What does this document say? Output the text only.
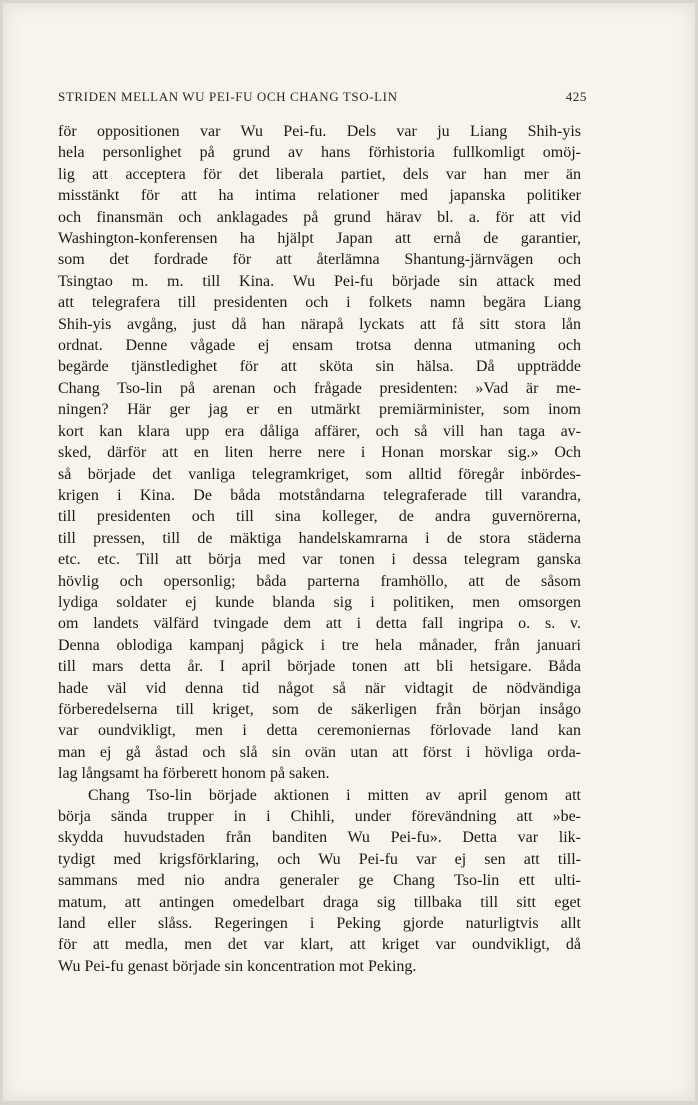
STRIDEN MELLAN WU PEI-FU OCH CHANG TSO-LIN	425
för oppositionen var Wu Pei-fu. Dels var ju Liang Shih-yis
hela personlighet på grund av hans förhistoria fullkomligt omöj-
lig att acceptera för det liberala partiet, dels var han mer än
misstänkt för att ha intima relationer med japanska politiker
och finansmän och anklagades på grund härav bl. a. för att vid
Washington-konferensen ha hjälpt Japan att ernå de garantier,
som det fordrade för att återlämna Shantung-järnvägen och
Tsingtao m. m. till Kina. Wu Pei-fu började sin attack med
att telegrafera till presidenten och i folkets namn begära Liang
Shih-yis avgång, just då han närapå lyckats att få sitt stora lån
ordnat. Denne vågade ej ensam trotsa denna utmaning och
begärde tjänstledighet för att sköta sin hälsa. Då uppträdde
Chang Tso-lin på arenan och frågade presidenten: »Vad är me-
ningen? Här ger jag er en utmärkt premiärminister, som inom
kort kan klara upp era dåliga affärer, och så vill han taga av-
sked, därför att en liten herre nere i Honan morskar sig.» Och
så började det vanliga telegramkriget, som alltid föregår inbördes-
krigen i Kina. De båda motståndarna telegraferade till varandra,
till presidenten och till sina kolleger, de andra guvernörerna,
till pressen, till de mäktiga handelskamrarna i de stora städerna
etc. etc. Till att börja med var tonen i dessa telegram ganska
hövlig och opersonlig; båda parterna framhöllo, att de såsom
lydiga soldater ej kunde blanda sig i politiken, men omsorgen
om landets välfärd tvingade dem att i detta fall ingripa o. s. v.
Denna oblodiga kampanj pågick i tre hela månader, från januari
till mars detta år. I april började tonen att bli hetsigare. Båda
hade väl vid denna tid något så när vidtagit de nödvändiga
förberedelserna till kriget, som de säkerligen från början insågo
var oundvikligt, men i detta ceremoniernas förlovade land kan
man ej gå åstad och slå sin ovän utan att först i hövliga orda-
lag långsamt ha förberett honom på saken.
Chang Tso-lin började aktionen i mitten av april genom att
börja sända trupper in i Chihli, under förevändning att »be-
skydda huvudstaden från banditen Wu Pei-fu». Detta var lik-
tydigt med krigsförklaring, och Wu Pei-fu var ej sen att till-
sammans med nio andra generaler ge Chang Tso-lin ett ulti-
matum, att antingen omedelbart draga sig tillbaka till sitt eget
land eller slåss. Regeringen i Peking gjorde naturligtvis allt
för att medla, men det var klart, att kriget var oundvikligt, då
Wu Pei-fu genast började sin koncentration mot Peking.
